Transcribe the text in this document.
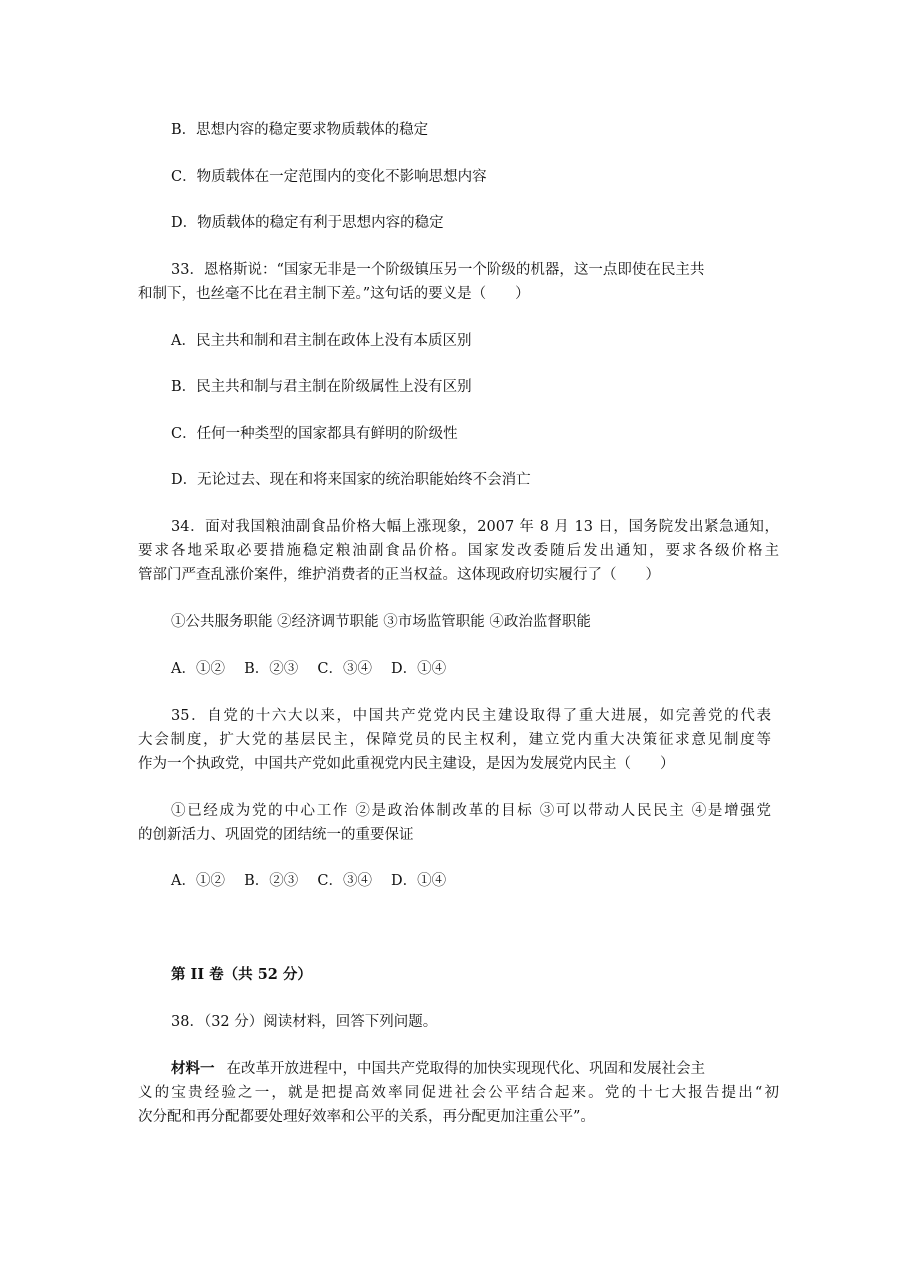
B．思想内容的稳定要求物质载体的稳定
C．物质载体在一定范围内的变化不影响思想内容
D．物质载体的稳定有利于思想内容的稳定
33．恩格斯说：“国家无非是一个阶级镇压另一个阶级的机器，这一点即使在民主共
和制下，也丝毫不比在君主制下差。”这句话的要义是（　　）
A．民主共和制和君主制在政体上没有本质区别
B．民主共和制与君主制在阶级属性上没有区别
C．任何一种类型的国家都具有鲜明的阶级性
D．无论过去、现在和将来国家的统治职能始终不会消亡
34．面对我国粮油副食品价格大幅上涨现象，2007 年 8 月 13 日，国务院发出紧急通知，
要求各地采取必要措施稳定粮油副食品价格。国家发改委随后发出通知，要求各级价格主
管部门严查乱涨价案件，维护消费者的正当权益。这体现政府切实履行了（　　）
①公共服务职能 ②经济调节职能 ③市场监管职能 ④政治监督职能
A．①②　 B．②③　 C．③④　 D．①④
35．自党的十六大以来，中国共产党党内民主建设取得了重大进展，如完善党的代表
大会制度，扩大党的基层民主，保障党员的民主权利，建立党内重大决策征求意见制度等
作为一个执政党，中国共产党如此重视党内民主建设，是因为发展党内民主（　　）
①已经成为党的中心工作 ②是政治体制改革的目标 ③可以带动人民民主 ④是增强党
的创新活力、巩固党的团结统一的重要保证
A．①②　 B．②③　 C．③④　 D．①④
第 II 卷（共 52 分）
38．（32 分）阅读材料，回答下列问题。
材料一 在改革开放进程中，中国共产党取得的加快实现现代化、巩固和发展社会主
义的宝贵经验之一，就是把提高效率同促进社会公平结合起来。党的十七大报告提出“初
次分配和再分配都要处理好效率和公平的关系，再分配更加注重公平”。
